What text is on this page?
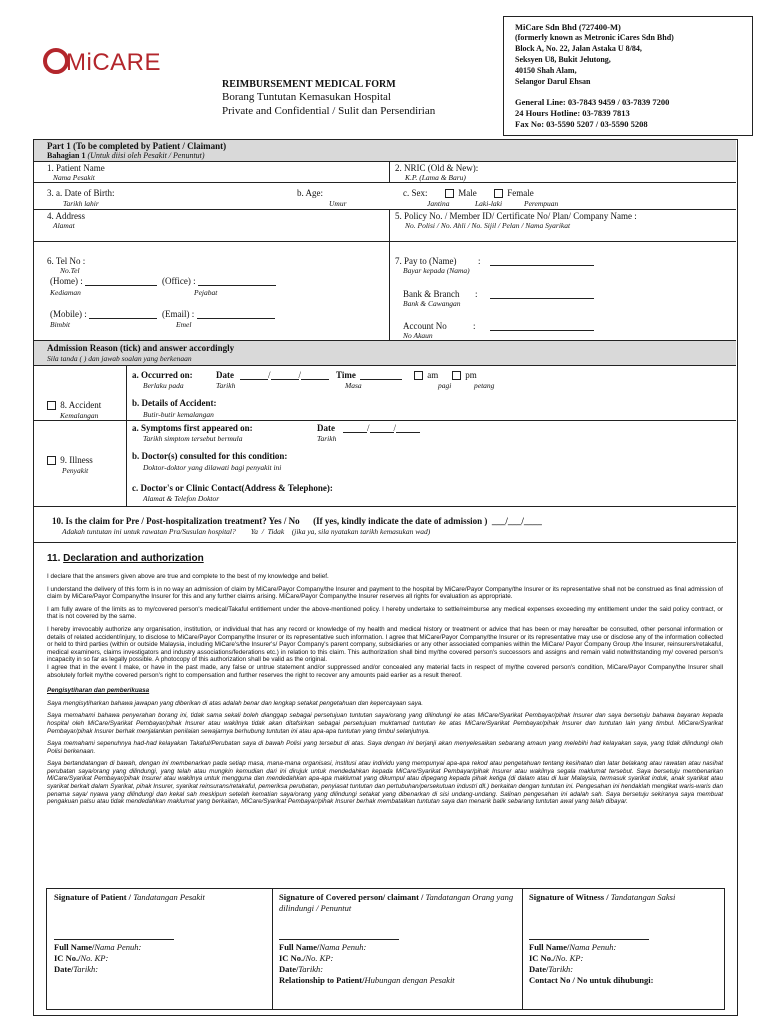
MiCARE
REIMBURSEMENT MEDICAL FORM
Borang Tuntutan Kemasukan Hospital
Private and Confidential / Sulit dan Persendirian
MiCare Sdn Bhd (727400-M)
(formerly known as Metronic iCares Sdn Bhd)
Block A, No. 22, Jalan Astaka U 8/84,
Seksyen U8, Bukit Jelutong,
40150 Shah Alam,
Selangor Darul Ehsan
General Line: 03-7843 9459 / 03-7839 7200
24 Hours Hotline: 03-7839 7813
Fax No: 03-5590 5207 / 03-5590 5208
Part 1 (To be completed by Patient / Claimant)
Bahagian 1 (Untuk diisi oleh Pesakit / Penuntut)
1. Patient Name
Nama Pesakit
2. NRIC (Old & New):
K.P. (Lama & Baru)
3. a. Date of Birth:
Tarikh lahir
b. Age:
Umur
c. Sex:	Male	Female
Jantina	Laki-laki	Perempuan
4. Address
Alamat
5. Policy No. / Member ID/ Certificate No/ Plan/ Company Name :
No. Polisi / No. Ahli / No. Sijil / Pelan / Nama Syarikat
6. Tel No :
No.Tel
(Home) :	(Office) :
Kediaman	Pejabat
(Mobile) :	(Email) :
Bimbit	Emel
7. Pay to (Name) :
Bayar kepada (Nama)
Bank & Branch :
Bank & Cawangan
Account No	:
No Akaun
Admission Reason (tick) and answer accordingly
Sila tanda ( ) dan jawab soalan yang berkenaan
8. Accident
Kemalangan
a. Occurred on:	Date	/	/	Time	am	pm
Berlaku pada	Tarikh	Masa	pagi	petang
b. Details of Accident:
Butir-butir kemalangan
9. Illness
Penyakit
a. Symptoms first appeared on:	Date	/	/
Tarikh simptom tersebut bermula	Tarikh
b. Doctor(s) consulted for this condition:
Doktor-doktor yang dilawati bagi penyakit ini
c. Doctor's or Clinic Contact(Address & Telephone):
Alamat & Telefon Doktor
10. Is the claim for Pre / Post-hospitalization treatment? Yes / No      (If yes, kindly indicate the date of admission )  ___/___/____
Adakah tuntutan ini untuk rawatan Pra/Susulan hospital?        Ya  /  Tidak    (jika ya, sila nyatakan tarikh kemasukan wad)
11. Declaration and authorization

I declare that the answers given above are true and complete to the best of my knowledge and belief.

I understand the delivery of this form is in no way an admission of claim by MiCare/Payor Company/the Insurer and payment to the hospital by MiCare/Payor Company/the Insurer or its representative shall not be construed as final admission of claim by MiCare/Payor Company/the Insurer for this and any further claims arising. MiCare/Payor Company/the Insurer reserves all rights for evaluation as appropriate.

I am fully aware of the limits as to my/covered person's medical/Takaful entitlement under the above-mentioned policy. I hereby undertake to settle/reimburse any medical expenses exceeding my entitlement under the said policy contract, or that is not covered by the same.

I hereby irrevocably authorize any organisation, institution, or individual that has any record or knowledge of my health and medical history or treatment or advice that has been or may hereafter be consulted, other personal information or details of related accident/injury, to disclose to MiCare/Payor Company/the Insurer or its representative such information. I agree that MiCare/Payor Company/the Insurer or its representative may use or disclose any of the information collected or held to third parties (within or outside Malaysia, including MiCare's/the Insurer's/ Payor Company's parent company, subsidiaries or any other associated companies within the MiCare/ Payor Company Group /the Insurer, reinsurers/retakaful, medical examiners, claims investigators and industry associations/federations etc.) in relation to this claim. This authorization shall bind my/the covered person's successors and assigns and remain valid notwithstanding my/ covered person's incapacity in so far as legally possible. A photocopy of this authorization shall be valid as the original.

I agree that in the event I make, or have in the past made, any false or untrue statement and/or suppressed and/or concealed any material facts in respect of my/the covered person's condition, MiCare/Payor Company/the Insurer shall absolutely forfeit my/the covered person's right to compensation and further reserves the right to recover any amounts paid earlier as a result thereof.

Pengisytiharan dan pemberikuasa

Saya mengisytiharkan bahawa jawapan yang diberikan di atas adalah benar dan lengkap setakat pengetahuan dan kepercayaan saya.

Saya memahami bahawa penyerahan borang ini, tidak sama sekali boleh dianggap sebagai persetujuan tuntutan saya/orang yang dilindungi ke atas MiCare/Syarikat Pembayar/pihak Insurer dan saya bersetuju bahawa bayaran kepada hospital oleh MiCare/Syarikat Pembayar/pihak Insurer atau wakilnya tidak akan ditafsirkan sebagai persetujuan muktamad tuntutan ke atas MiCare/Syarikat Pembayar/pihak Insurer dan tuntutan lain yang timbul. MiCare/Syarikat Pembayar/pihak Insurer berhak menjalankan penilaian sewajarnya berhubung tuntutan ini atau apa-apa tuntutan yang timbul selanjutnya.

Saya memahami sepenuhnya had-had kelayakan Takaful/Perubatan saya di bawah Polisi yang tersebut di atas. Saya dengan ini berjanji akan menyelesaikan sebarang amaun yang melebihi had kelayakan saya, yang tidak dilindungi oleh Polisi berkenaan.

Saya bertandatangan di bawah, dengan ini membenarkan pada setiap masa, mana-mana organisasi, institusi atau individu yang mempunyai apa-apa rekod atau pengetahuan tentang kesihatan dan latar belakang atau rawatan atau nasihat perubatan saya/orang yang dilindungi, yang telah atau mungkin kemudian dari ini dirujuk untuk mendedahkan kepada MiCare/Syarikat Pembayar/pihak Insurer atau wakilnya segala maklumat tersebut. Saya bersetuju membenarkan MiCare/Syarikat Pembayar/pihak Insurer atau wakilnya untuk mengguna dan mendedahkan apa-apa maklumat yang dikumpul atau dipegang kepada pihak ketiga (di dalam atau di luar Malaysia, termasuk syarikat induk, anak syarikat atau syarikat berkait dalam Syarikat, pihak Insurer, syarikat reinsurans/retakaful, pemeriksa perubatan, penyiasat tuntutan dan pertubuhan/persekutuan industri dll.) berkaitan dengan tuntutan ini. Pengesahan ini hendaklah mengikat waris-waris dan penama saya/ nyawa yang dilindungi dan kekal sah meskipun setelah kematian saya/orang yang dilindungi setakat yang dibenarkan di sisi undang-undang. Salinan pengesahan ini adalah sah. Saya bersetuju sekiranya saya membuat pengakuan palsu atau tidak mendedahkan maklumat yang berkaitan, MiCare/Syarikat Pembayar/pihak Insurer berhak membatalkan tuntutan saya dan menarik balik sebarang tuntutan awal yang telah dibayar.

Signature of Patient / Tandatangan Pesakit
Full Name/Nama Penuh:
IC No./No. KP:
Date/Tarikh:
Signature of Covered person/ claimant / Tandatangan Orang yang dilindungi / Penuntut
Full Name/Nama Penuh:
IC No./No. KP:
Date/Tarikh:
Relationship to Patient/Hubungan dengan Pesakit
Signature of Witness / Tandatangan Saksi
Full Name/Nama Penuh:
IC No./No. KP:
Date/Tarikh:
Contact No / No untuk dihubungi:
